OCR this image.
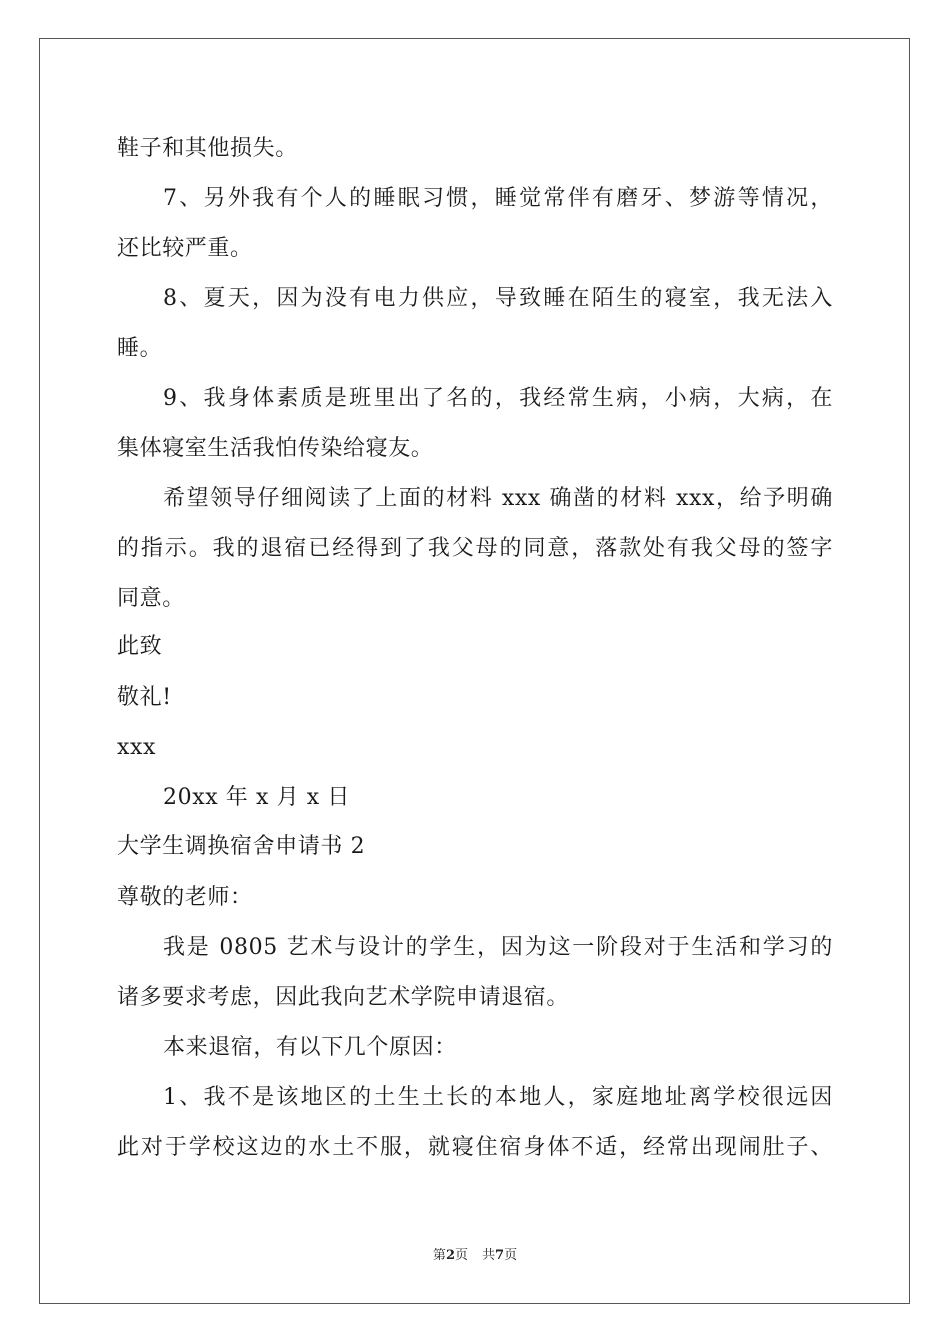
鞋子和其他损失。
7、另外我有个人的睡眠习惯，睡觉常伴有磨牙、梦游等情况，
还比较严重。
8、夏天，因为没有电力供应，导致睡在陌生的寝室，我无法入
睡。
9、我身体素质是班里出了名的，我经常生病，小病，大病，在
集体寝室生活我怕传染给寝友。
希望领导仔细阅读了上面的材料 xxx 确凿的材料 xxx，给予明确
的指示。我的退宿已经得到了我父母的同意，落款处有我父母的签字
同意。
此致
敬礼!
xxx
20xx 年 x 月 x 日
大学生调换宿舍申请书 2
尊敬的老师：
我是 0805 艺术与设计的学生，因为这一阶段对于生活和学习的
诸多要求考虑，因此我向艺术学院申请退宿。
本来退宿，有以下几个原因：
1、我不是该地区的土生土长的本地人，家庭地址离学校很远因
此对于学校这边的水土不服，就寝住宿身体不适，经常出现闹肚子、
第2页 共7页
